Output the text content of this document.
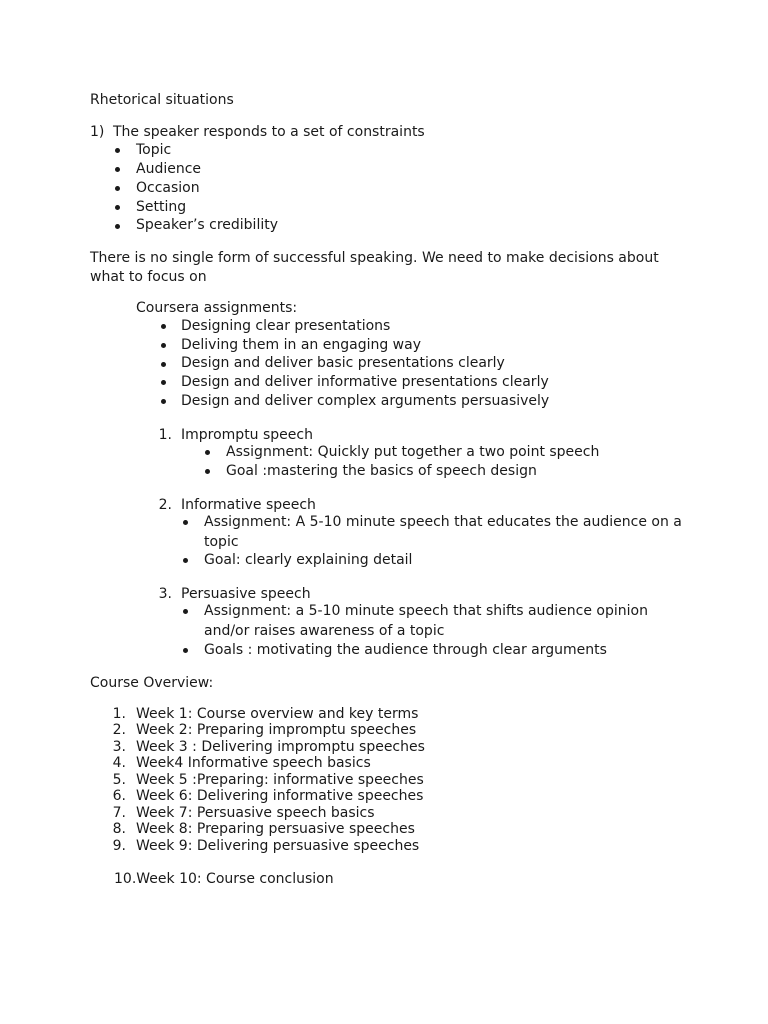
Rhetorical situations
1) The speaker responds to a set of constraints
Topic
Audience
Occasion
Setting
Speaker’s credibility
There is no single form of successful speaking. We need to make decisions about
what to focus on
Coursera assignments:
Designing clear presentations
Deliving them in an engaging way
Design and deliver basic presentations clearly
Design and deliver informative presentations clearly
Design and deliver complex arguments persuasively
1. Impromptu speech
Assignment: Quickly put together a two point speech
Goal :mastering the basics of speech design
2. Informative speech
Assignment: A 5-10 minute speech that educates the audience on a
topic
Goal: clearly explaining detail
3. Persuasive speech
Assignment: a 5-10 minute speech that shifts audience opinion
and/or raises awareness of a topic
Goals : motivating the audience through clear arguments
Course Overview:
1. Week 1: Course overview and key terms
2. Week 2: Preparing impromptu speeches
3. Week 3 : Delivering impromptu speeches
4. Week4 Informative speech basics
5. Week 5 :Preparing: informative speeches
6. Week 6: Delivering informative speeches
7. Week 7: Persuasive speech basics
8. Week 8: Preparing persuasive speeches
9. Week 9: Delivering persuasive speeches
10.Week 10: Course conclusion
